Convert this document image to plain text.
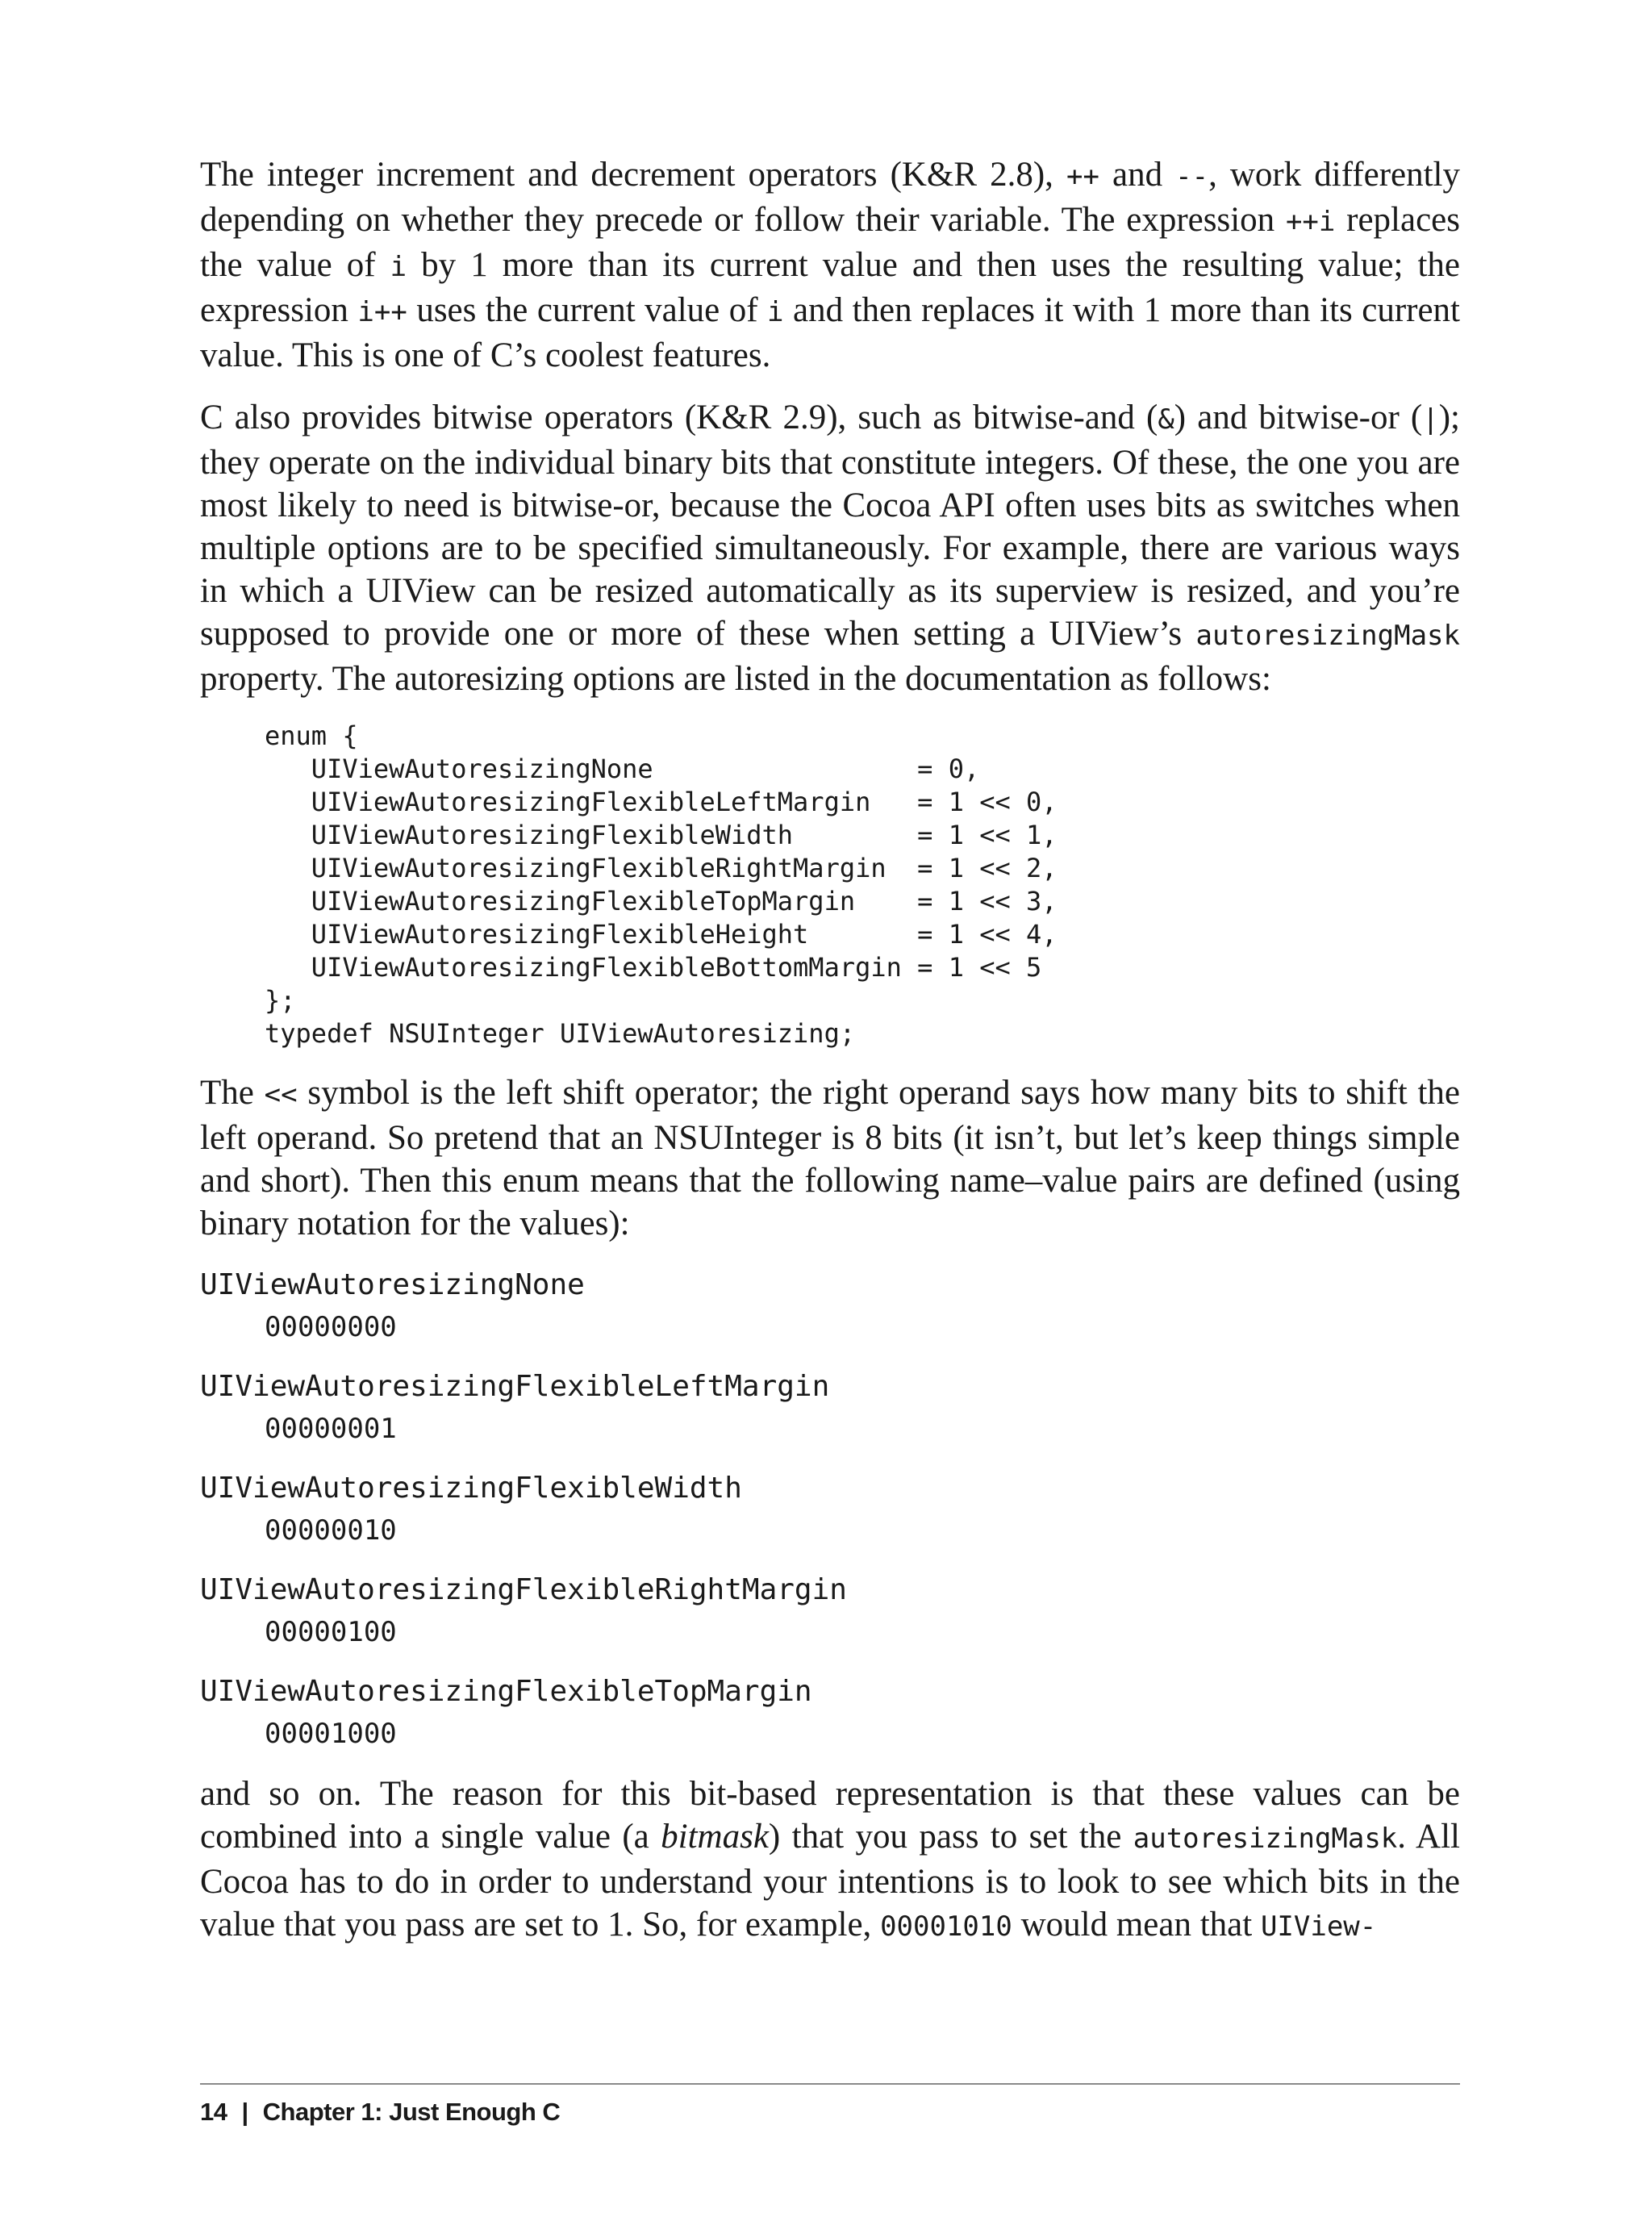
The integer increment and decrement operators (K&R 2.8), ++ and --, work differently depending on whether they precede or follow their variable. The expression ++i replaces the value of i by 1 more than its current value and then uses the resulting value; the expression i++ uses the current value of i and then replaces it with 1 more than its current value. This is one of C’s coolest features.

C also provides bitwise operators (K&R 2.9), such as bitwise-and (&) and bitwise-or (|); they operate on the individual binary bits that constitute integers. Of these, the one you are most likely to need is bitwise-or, because the Cocoa API often uses bits as switches when multiple options are to be specified simultaneously. For example, there are various ways in which a UIView can be resized automatically as its superview is resized, and you’re supposed to provide one or more of these when setting a UIView’s autoresizingMask property. The autoresizing options are listed in the documentation as follows:

enum {
UIViewAutoresizingNone                 = 0,
UIViewAutoresizingFlexibleLeftMargin   = 1 << 0,
UIViewAutoresizingFlexibleWidth        = 1 << 1,
UIViewAutoresizingFlexibleRightMargin  = 1 << 2,
UIViewAutoresizingFlexibleTopMargin    = 1 << 3,
UIViewAutoresizingFlexibleHeight       = 1 << 4,
UIViewAutoresizingFlexibleBottomMargin = 1 << 5
};
typedef NSUInteger UIViewAutoresizing;

The << symbol is the left shift operator; the right operand says how many bits to shift the left operand. So pretend that an NSUInteger is 8 bits (it isn’t, but let’s keep things simple and short). Then this enum means that the following name–value pairs are defined (using binary notation for the values):

UIViewAutoresizingNone

00000000

UIViewAutoresizingFlexibleLeftMargin

00000001

UIViewAutoresizingFlexibleWidth

00000010

UIViewAutoresizingFlexibleRightMargin

00000100

UIViewAutoresizingFlexibleTopMargin

00001000

and so on. The reason for this bit-based representation is that these values can be combined into a single value (a bitmask) that you pass to set the autoresizingMask. All Cocoa has to do in order to understand your intentions is to look to see which bits in the value that you pass are set to 1. So, for example, 00001010 would mean that UIView-

14 | Chapter 1: Just Enough C
